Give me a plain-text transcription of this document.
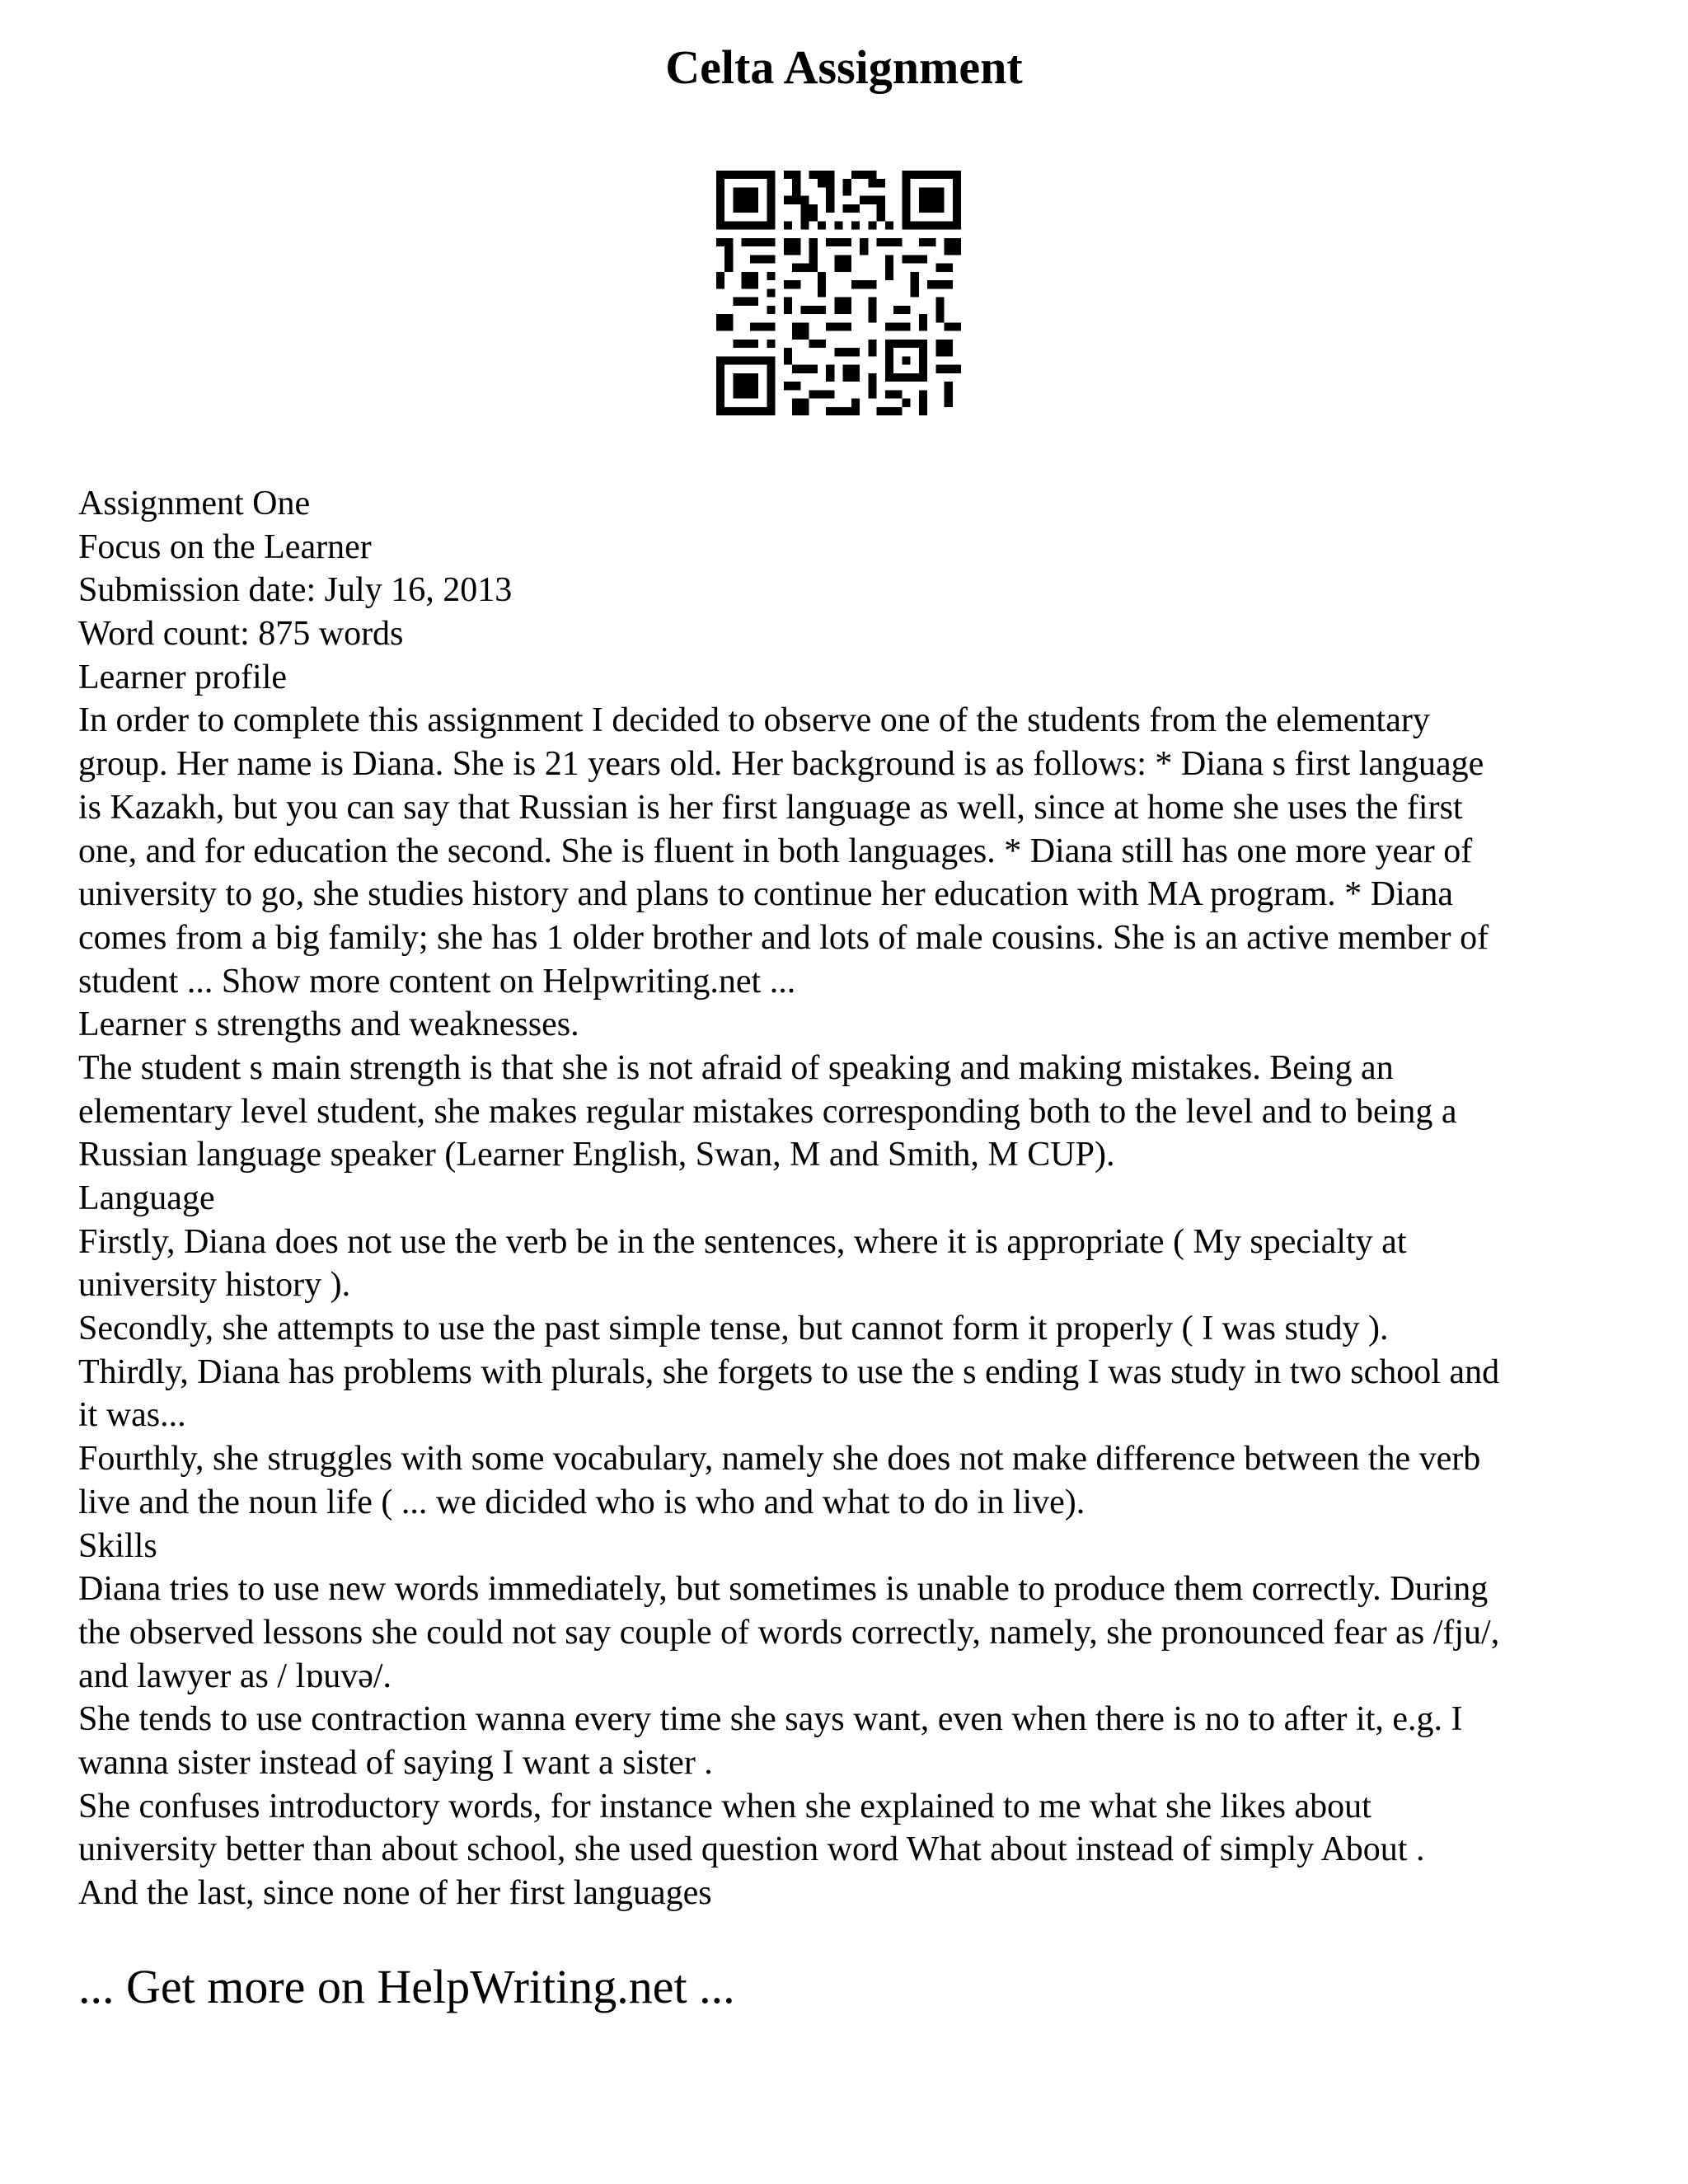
Celta Assignment
Assignment One
Focus on the Learner
Submission date: July 16, 2013
Word count: 875 words
Learner profile
In order to complete this assignment I decided to observe one of the students from the elementary
group. Her name is Diana. She is 21 years old. Her background is as follows: * Diana s first language
is Kazakh, but you can say that Russian is her first language as well, since at home she uses the first
one, and for education the second. She is fluent in both languages. * Diana still has one more year of
university to go, she studies history and plans to continue her education with MA program. * Diana
comes from a big family; she has 1 older brother and lots of male cousins. She is an active member of
student ... Show more content on Helpwriting.net ...
Learner s strengths and weaknesses.
The student s main strength is that she is not afraid of speaking and making mistakes. Being an
elementary level student, she makes regular mistakes corresponding both to the level and to being a
Russian language speaker (Learner English, Swan, M and Smith, M CUP).
Language
Firstly, Diana does not use the verb be in the sentences, where it is appropriate ( My specialty at
university history ).
Secondly, she attempts to use the past simple tense, but cannot form it properly ( I was study ).
Thirdly, Diana has problems with plurals, she forgets to use the s ending I was study in two school and
it was...
Fourthly, she struggles with some vocabulary, namely she does not make difference between the verb
live and the noun life ( ... we dicided who is who and what to do in live).
Skills
Diana tries to use new words immediately, but sometimes is unable to produce them correctly. During
the observed lessons she could not say couple of words correctly, namely, she pronounced fear as /fju/,
and lawyer as / lɒuvə/.
She tends to use contraction wanna every time she says want, even when there is no to after it, e.g. I
wanna sister instead of saying I want a sister .
She confuses introductory words, for instance when she explained to me what she likes about
university better than about school, she used question word What about instead of simply About .
And the last, since none of her first languages
... Get more on HelpWriting.net ...
